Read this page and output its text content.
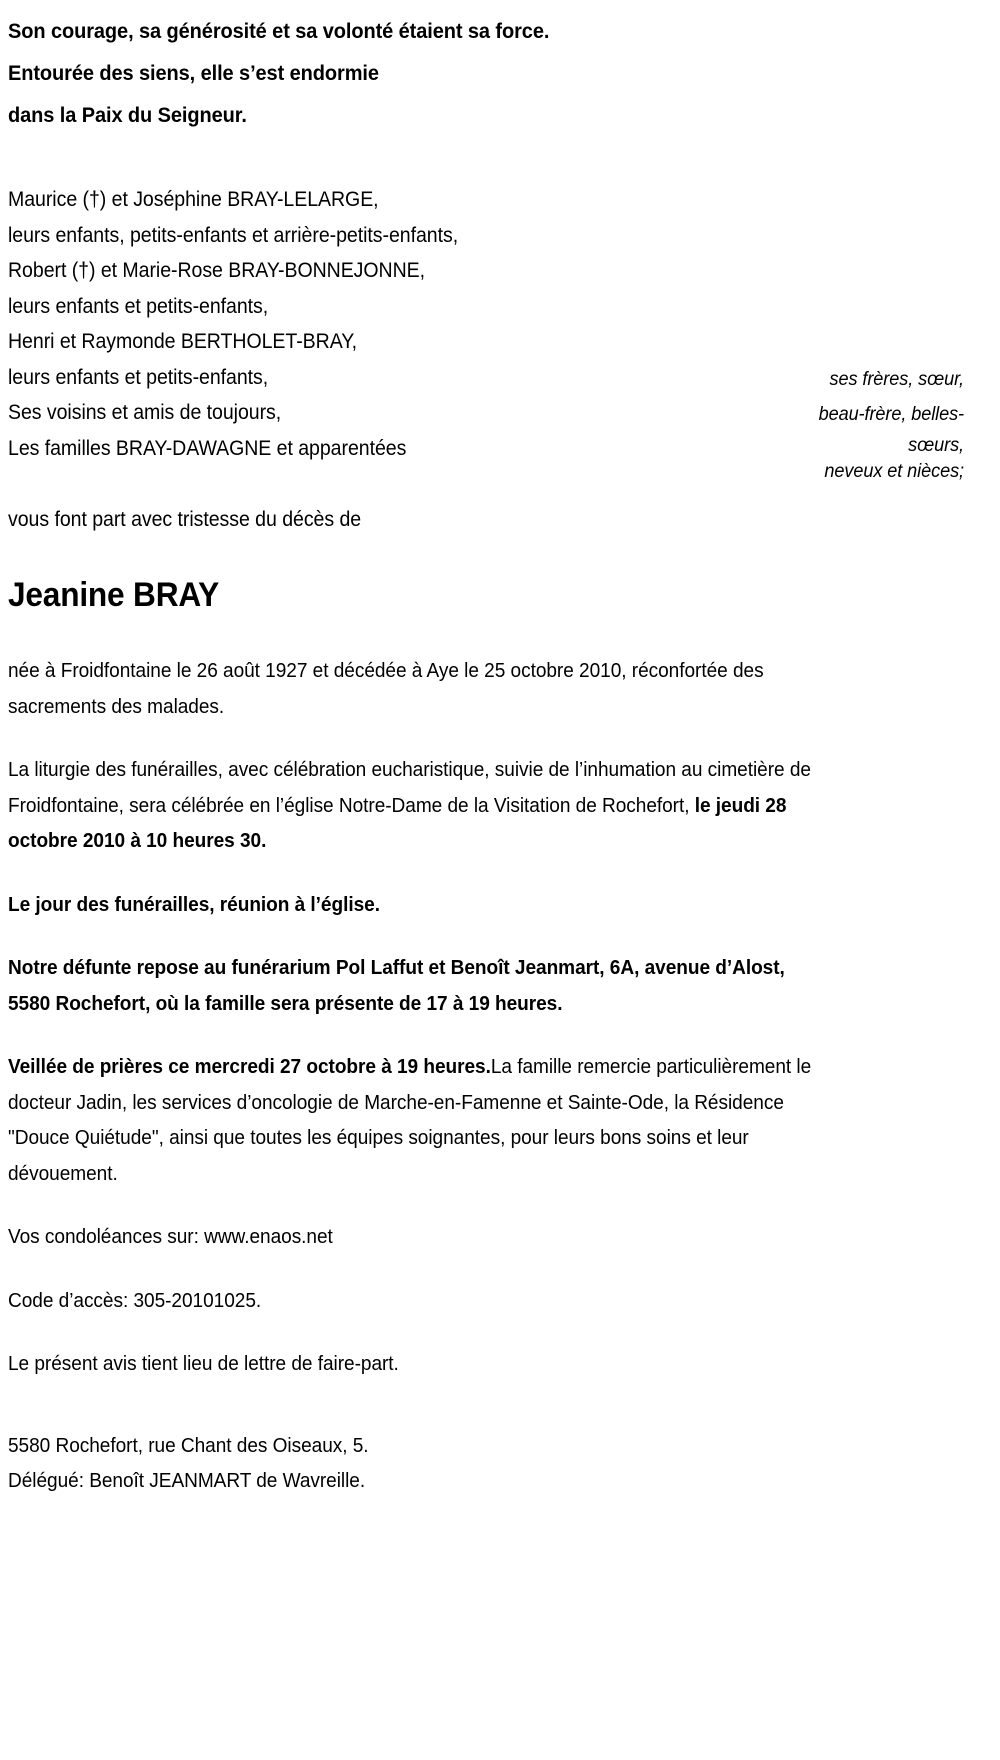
Son courage, sa générosité et sa volonté étaient sa force.
Entourée des siens, elle s’est endormie
dans la Paix du Seigneur.
Maurice (†) et Joséphine BRAY-LELARGE,
leurs enfants, petits-enfants et arrière-petits-enfants,
Robert (†) et Marie-Rose BRAY-BONNEJONNE,
leurs enfants et petits-enfants,
Henri et Raymonde BERTHOLET-BRAY,
leurs enfants et petits-enfants,	ses frères, sœur,
beau-frère, belles-
sœurs,
neveux et nièces;
Ses voisins et amis de toujours,
Les familles BRAY-DAWAGNE et apparentées
vous font part avec tristesse du décès de
Jeanine BRAY

née à Froidfontaine le 26 août 1927 et décédée à Aye le 25 octobre 2010, réconfortée des sacrements des malades.

La liturgie des funérailles, avec célébration eucharistique, suivie de l’inhumation au cimetière de Froidfontaine, sera célébrée en l’église Notre-Dame de la Visitation de Rochefort, le jeudi 28 octobre 2010 à 10 heures 30.

Le jour des funérailles, réunion à l’église.

Notre défunte repose au funérarium Pol Laffut et Benoît Jeanmart, 6A, avenue d’Alost, 5580 Rochefort, où la famille sera présente de 17 à 19 heures.

Veillée de prières ce mercredi 27 octobre à 19 heures.La famille remercie particulièrement le docteur Jadin, les services d’oncologie de Marche-en-Famenne et Sainte-Ode, la Résidence "Douce Quiétude", ainsi que toutes les équipes soignantes, pour leurs bons soins et leur dévouement.

Vos condoléances sur: www.enaos.net
Code d’accès: 305-20101025.
Le présent avis tient lieu de lettre de faire-part.
5580 Rochefort, rue Chant des Oiseaux, 5.
Délégué: Benoît JEANMART de Wavreille.
